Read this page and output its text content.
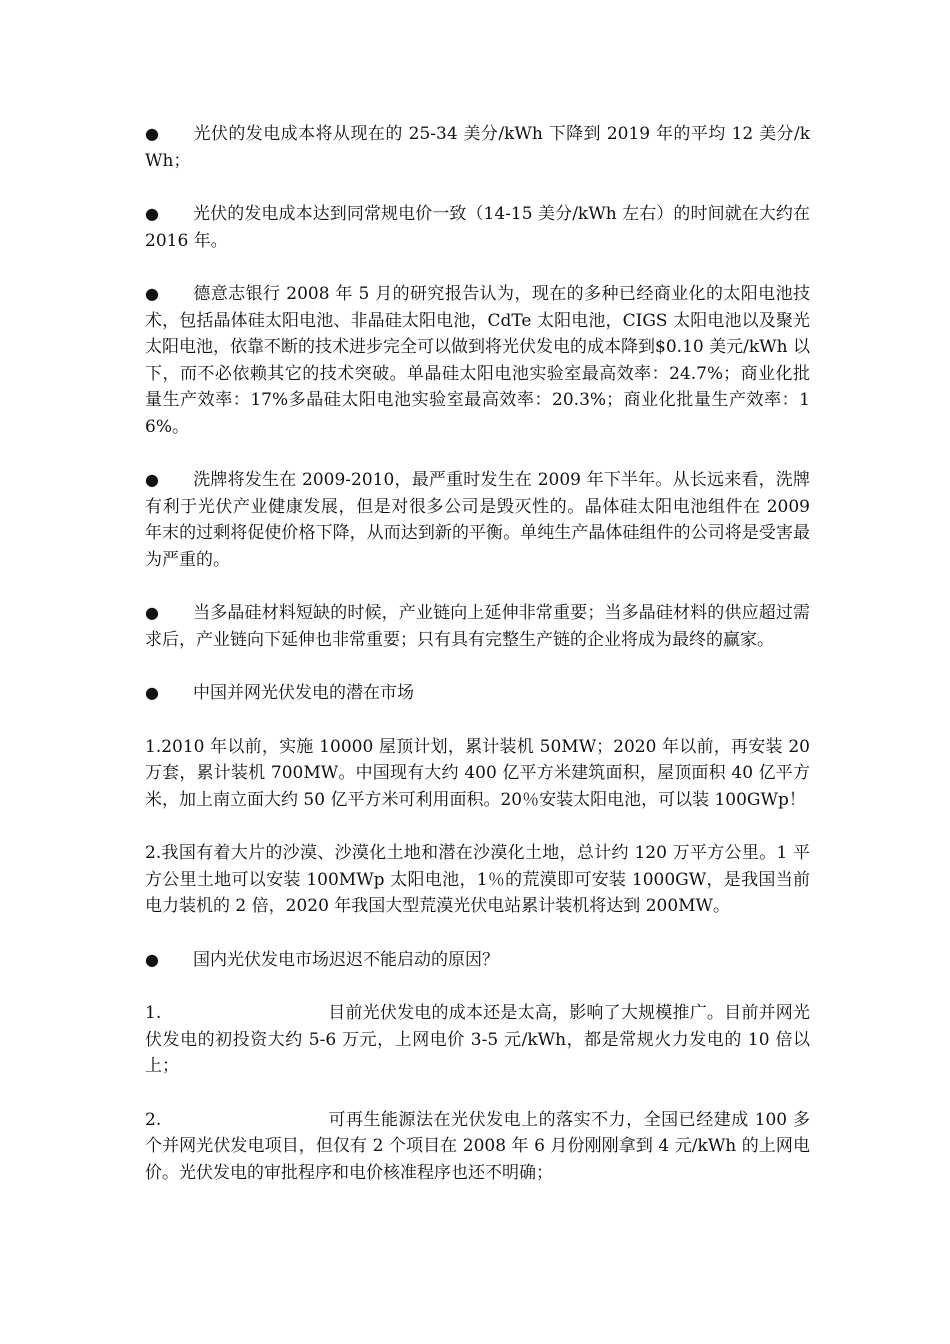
● 光伏的发电成本将从现在的 25-34 美分/kWh 下降到 2019 年的平均 12 美分/kWh；

● 光伏的发电成本达到同常规电价一致（14-15 美分/kWh 左右）的时间就在大约在 2016 年。

● 德意志银行 2008 年 5 月的研究报告认为，现在的多种已经商业化的太阳电池技术，包括晶体硅太阳电池、非晶硅太阳电池，CdTe 太阳电池，CIGS 太阳电池以及聚光太阳电池，依靠不断的技术进步完全可以做到将光伏发电的成本降到$0.10 美元/kWh 以下，而不必依赖其它的技术突破。单晶硅太阳电池实验室最高效率：24.7%；商业化批量生产效率：17%多晶硅太阳电池实验室最高效率：20.3%；商业化批量生产效率：16%。

● 洗牌将发生在 2009-2010，最严重时发生在 2009 年下半年。从长远来看，洗牌有利于光伏产业健康发展，但是对很多公司是毁灭性的。晶体硅太阳电池组件在 2009 年末的过剩将促使价格下降，从而达到新的平衡。单纯生产晶体硅组件的公司将是受害最为严重的。

● 当多晶硅材料短缺的时候，产业链向上延伸非常重要；当多晶硅材料的供应超过需求后，产业链向下延伸也非常重要；只有具有完整生产链的企业将成为最终的赢家。

● 中国并网光伏发电的潜在市场

1.2010 年以前，实施 10000 屋顶计划，累计装机 50MW；2020 年以前，再安装 20 万套，累计装机 700MW。中国现有大约 400 亿平方米建筑面积，屋顶面积 40 亿平方米，加上南立面大约 50 亿平方米可利用面积。20％安装太阳电池，可以装 100GWp！

2.我国有着大片的沙漠、沙漠化土地和潜在沙漠化土地，总计约 120 万平方公里。1 平方公里土地可以安装 100MWp 太阳电池，1％的荒漠即可安装 1000GW，是我国当前电力装机的 2 倍，2020 年我国大型荒漠光伏电站累计装机将达到 200MW。

● 国内光伏发电市场迟迟不能启动的原因？

1.	目前光伏发电的成本还是太高，影响了大规模推广。目前并网光伏发电的初投资大约 5-6 万元，上网电价 3-5 元/kWh，都是常规火力发电的 10 倍以上；

2.	可再生能源法在光伏发电上的落实不力，全国已经建成 100 多个并网光伏发电项目，但仅有 2 个项目在 2008 年 6 月份刚刚拿到 4 元/kWh 的上网电价。光伏发电的审批程序和电价核准程序也还不明确；
